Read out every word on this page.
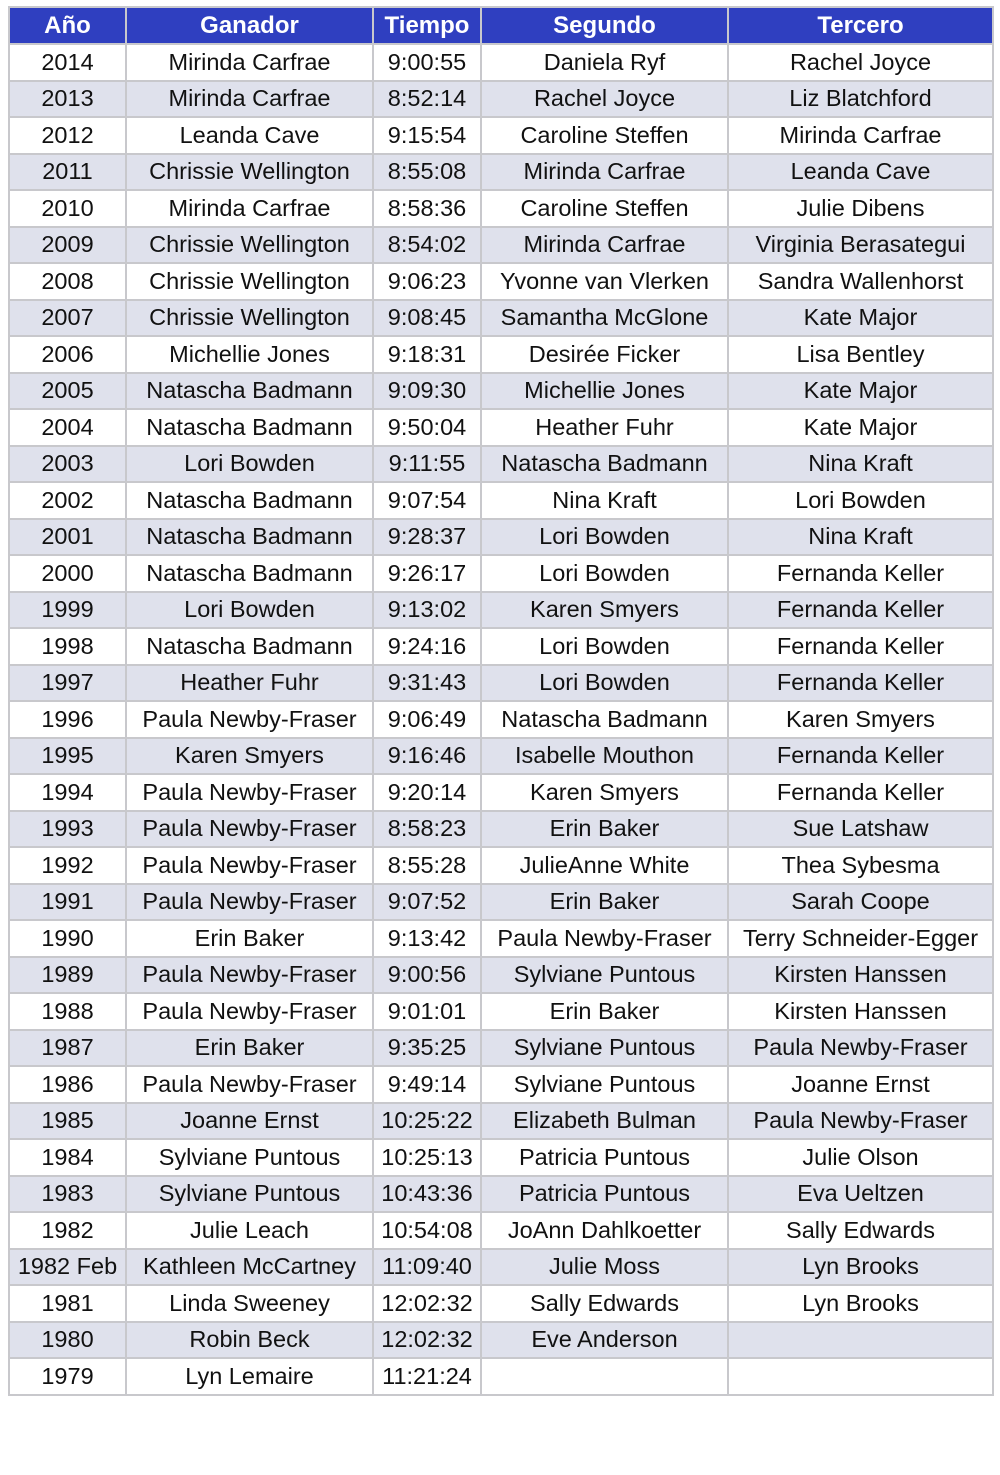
Año	Ganador	Tiempo	Segundo	Tercero
2014	Mirinda Carfrae	9:00:55	Daniela Ryf	Rachel Joyce
2013	Mirinda Carfrae	8:52:14	Rachel Joyce	Liz Blatchford
2012	Leanda Cave	9:15:54	Caroline Steffen	Mirinda Carfrae
2011	Chrissie Wellington	8:55:08	Mirinda Carfrae	Leanda Cave
2010	Mirinda Carfrae	8:58:36	Caroline Steffen	Julie Dibens
2009	Chrissie Wellington	8:54:02	Mirinda Carfrae	Virginia Berasategui
2008	Chrissie Wellington	9:06:23	Yvonne van Vlerken	Sandra Wallenhorst
2007	Chrissie Wellington	9:08:45	Samantha McGlone	Kate Major
2006	Michellie Jones	9:18:31	Desirée Ficker	Lisa Bentley
2005	Natascha Badmann	9:09:30	Michellie Jones	Kate Major
2004	Natascha Badmann	9:50:04	Heather Fuhr	Kate Major
2003	Lori Bowden	9:11:55	Natascha Badmann	Nina Kraft
2002	Natascha Badmann	9:07:54	Nina Kraft	Lori Bowden
2001	Natascha Badmann	9:28:37	Lori Bowden	Nina Kraft
2000	Natascha Badmann	9:26:17	Lori Bowden	Fernanda Keller
1999	Lori Bowden	9:13:02	Karen Smyers	Fernanda Keller
1998	Natascha Badmann	9:24:16	Lori Bowden	Fernanda Keller
1997	Heather Fuhr	9:31:43	Lori Bowden	Fernanda Keller
1996	Paula Newby-Fraser	9:06:49	Natascha Badmann	Karen Smyers
1995	Karen Smyers	9:16:46	Isabelle Mouthon	Fernanda Keller
1994	Paula Newby-Fraser	9:20:14	Karen Smyers	Fernanda Keller
1993	Paula Newby-Fraser	8:58:23	Erin Baker	Sue Latshaw
1992	Paula Newby-Fraser	8:55:28	JulieAnne White	Thea Sybesma
1991	Paula Newby-Fraser	9:07:52	Erin Baker	Sarah Coope
1990	Erin Baker	9:13:42	Paula Newby-Fraser	Terry Schneider-Egger
1989	Paula Newby-Fraser	9:00:56	Sylviane Puntous	Kirsten Hanssen
1988	Paula Newby-Fraser	9:01:01	Erin Baker	Kirsten Hanssen
1987	Erin Baker	9:35:25	Sylviane Puntous	Paula Newby-Fraser
1986	Paula Newby-Fraser	9:49:14	Sylviane Puntous	Joanne Ernst
1985	Joanne Ernst	10:25:22	Elizabeth Bulman	Paula Newby-Fraser
1984	Sylviane Puntous	10:25:13	Patricia Puntous	Julie Olson
1983	Sylviane Puntous	10:43:36	Patricia Puntous	Eva Ueltzen
1982	Julie Leach	10:54:08	JoAnn Dahlkoetter	Sally Edwards
1982 Feb	Kathleen McCartney	11:09:40	Julie Moss	Lyn Brooks
1981	Linda Sweeney	12:02:32	Sally Edwards	Lyn Brooks
1980	Robin Beck	12:02:32	Eve Anderson	
1979	Lyn Lemaire	11:21:24		
